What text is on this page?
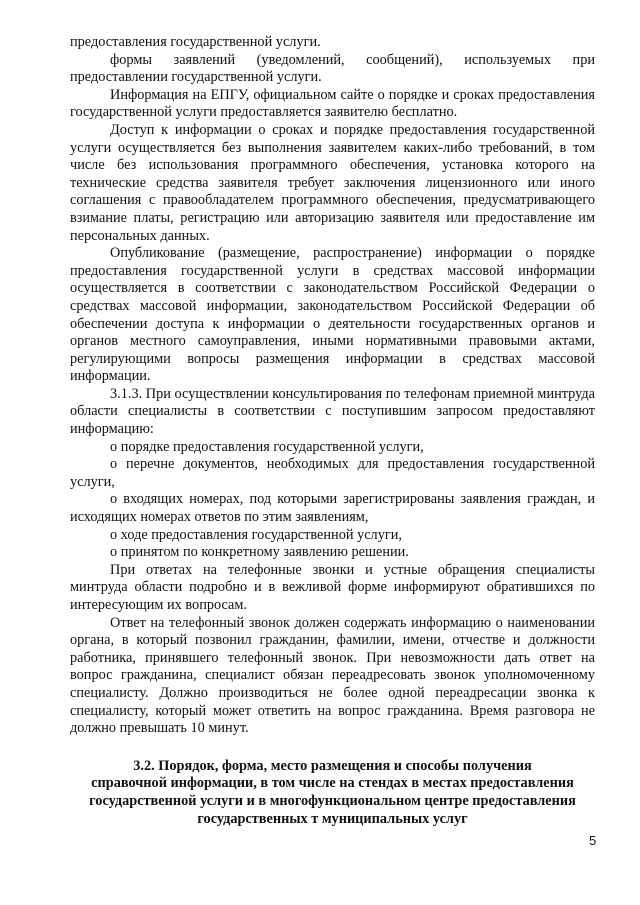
предоставления государственной услуги.

формы заявлений (уведомлений, сообщений), используемых при предоставлении государственной услуги.

Информация на ЕПГУ, официальном сайте о порядке и сроках предоставления государственной услуги предоставляется заявителю бесплатно.

Доступ к информации о сроках и порядке предоставления государственной услуги осуществляется без выполнения заявителем каких-либо требований, в том числе без использования программного обеспечения, установка которого на технические средства заявителя требует заключения лицензионного или иного соглашения с правообладателем программного обеспечения, предусматривающего взимание платы, регистрацию или авторизацию заявителя или предоставление им персональных данных.

Опубликование (размещение, распространение) информации о порядке предоставления государственной услуги в средствах массовой информации осуществляется в соответствии с законодательством Российской Федерации о средствах массовой информации, законодательством Российской Федерации об обеспечении доступа к информации о деятельности государственных органов и органов местного самоуправления, иными нормативными правовыми актами, регулирующими вопросы размещения информации в средствах массовой информации.

3.1.3. При осуществлении консультирования по телефонам приемной минтруда области специалисты в соответствии с поступившим запросом предоставляют информацию:

о порядке предоставления государственной услуги,

о перечне документов, необходимых для предоставления государственной услуги,

о входящих номерах, под которыми зарегистрированы заявления граждан, и исходящих номерах ответов по этим заявлениям,

о ходе предоставления государственной услуги,

о принятом по конкретному заявлению решении.

При ответах на телефонные звонки и устные обращения специалисты минтруда области подробно и в вежливой форме информируют обратившихся по интересующим их вопросам.

Ответ на телефонный звонок должен содержать информацию о наименовании органа, в который позвонил гражданин, фамилии, имени, отчестве и должности работника, принявшего телефонный звонок. При невозможности дать ответ на вопрос гражданина, специалист обязан переадресовать звонок уполномоченному специалисту. Должно производиться не более одной переадресации звонка к специалисту, который может ответить на вопрос гражданина. Время разговора не должно превышать 10 минут.

3.2. Порядок, форма, место размещения и способы получения
справочной информации, в том числе на стендах в местах предоставления
государственной услуги и в многофункциональном центре предоставления
государственных т муниципальных услуг
5
